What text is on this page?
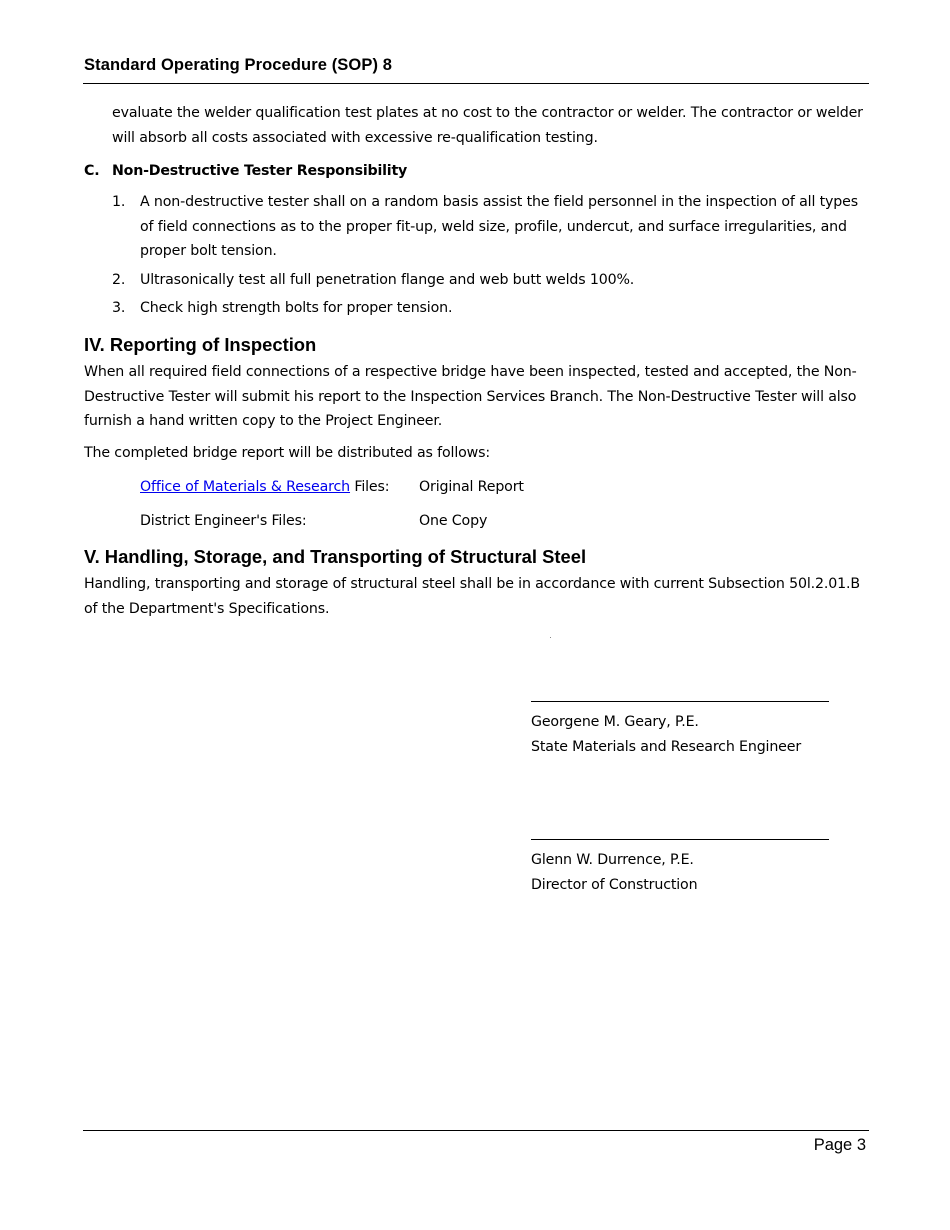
Standard Operating Procedure (SOP) 8
evaluate the welder qualification test plates at no cost to the contractor or welder. The contractor or welder will absorb all costs associated with excessive re-qualification testing.
C. Non-Destructive Tester Responsibility
1. A non-destructive tester shall on a random basis assist the field personnel in the inspection of all types of field connections as to the proper fit-up, weld size, profile, undercut, and surface irregularities, and proper bolt tension.
2. Ultrasonically test all full penetration flange and web butt welds 100%.
3. Check high strength bolts for proper tension.
IV. Reporting of Inspection
When all required field connections of a respective bridge have been inspected, tested and accepted, the Non-Destructive Tester will submit his report to the Inspection Services Branch. The Non-Destructive Tester will also furnish a hand written copy to the Project Engineer.
The completed bridge report will be distributed as follows:
Office of Materials & Research Files: Original Report
District Engineer's Files:	One Copy
V. Handling, Storage, and Transporting of Structural Steel
Handling, transporting and storage of structural steel shall be in accordance with current Subsection 50l.2.01.B of the Department's Specifications.
Georgene M. Geary, P.E.
State Materials and Research Engineer
Glenn W. Durrence, P.E.
Director of Construction
Page 3
